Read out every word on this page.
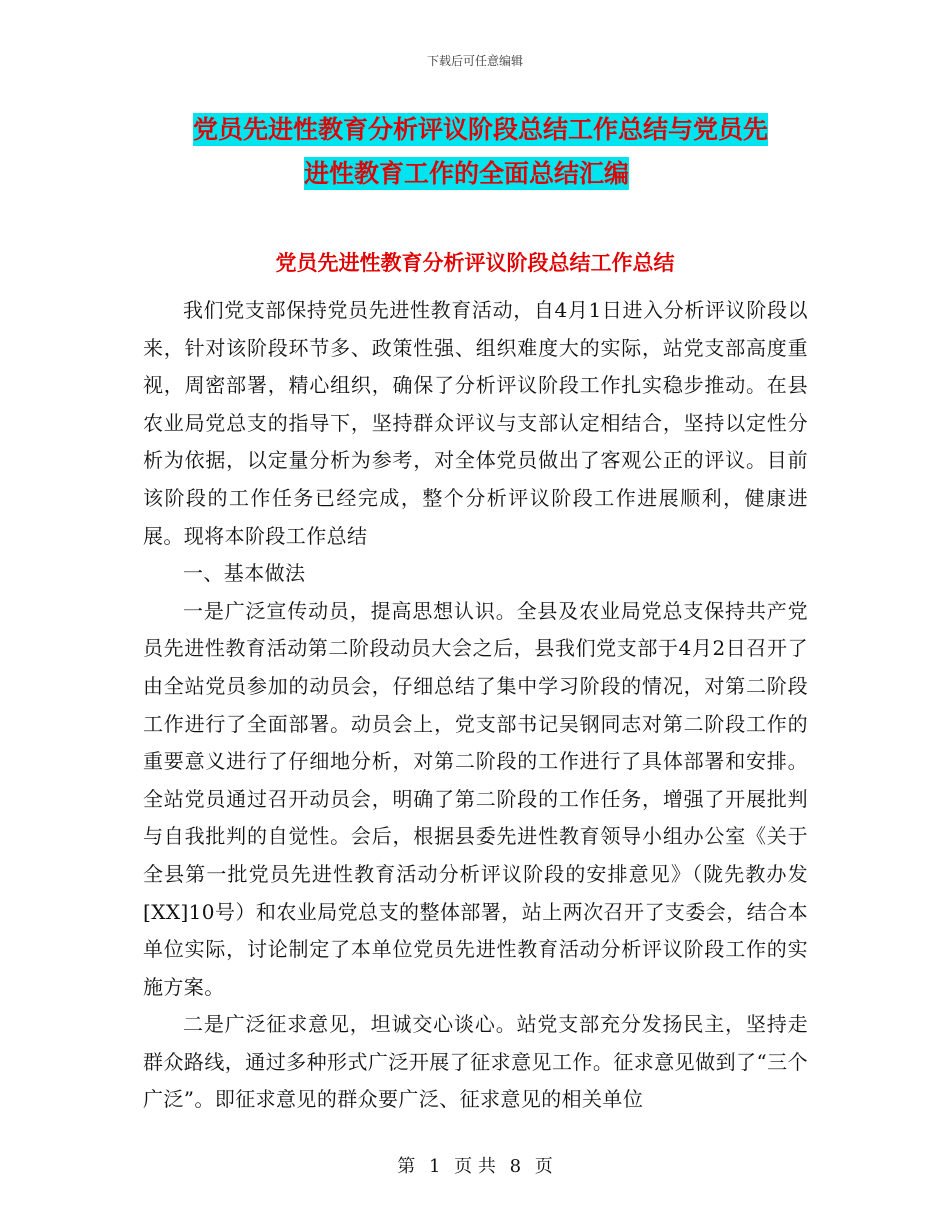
下载后可任意编辑
党员先进性教育分析评议阶段总结工作总结与党员先
进性教育工作的全面总结汇编
党员先进性教育分析评议阶段总结工作总结

我们党支部保持党员先进性教育活动，自4月1日进入分析评议阶段以来，针对该阶段环节多、政策性强、组织难度大的实际，站党支部高度重视，周密部署，精心组织，确保了分析评议阶段工作扎实稳步推动。在县农业局党总支的指导下，坚持群众评议与支部认定相结合，坚持以定性分析为依据，以定量分析为参考，对全体党员做出了客观公正的评议。目前该阶段的工作任务已经完成，整个分析评议阶段工作进展顺利，健康进展。现将本阶段工作总结

一、基本做法

一是广泛宣传动员，提高思想认识。全县及农业局党总支保持共产党员先进性教育活动第二阶段动员大会之后，县我们党支部于4月2日召开了由全站党员参加的动员会，仔细总结了集中学习阶段的情况，对第二阶段工作进行了全面部署。动员会上，党支部书记吴钢同志对第二阶段工作的重要意义进行了仔细地分析，对第二阶段的工作进行了具体部署和安排。全站党员通过召开动员会，明确了第二阶段的工作任务，增强了开展批判与自我批判的自觉性。会后，根据县委先进性教育领导小组办公室《关于全县第一批党员先进性教育活动分析评议阶段的安排意见》（陇先教办发[XX]10号）和农业局党总支的整体部署，站上两次召开了支委会，结合本单位实际，讨论制定了本单位党员先进性教育活动分析评议阶段工作的实施方案。

二是广泛征求意见，坦诚交心谈心。站党支部充分发扬民主，坚持走群众路线，通过多种形式广泛开展了征求意见工作。征求意见做到了“三个广泛”。即征求意见的群众要广泛、征求意见的相关单位

第 1 页 共 8 页
